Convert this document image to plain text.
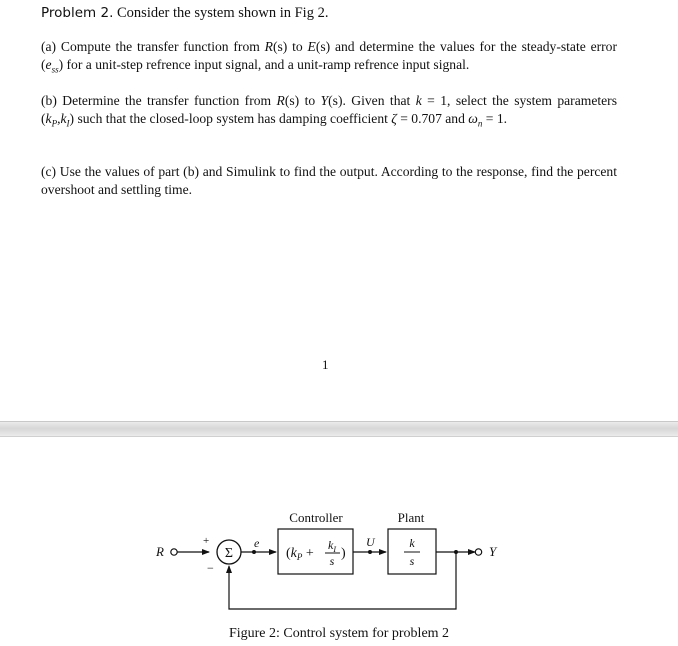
Problem 2. Consider the system shown in Fig 2.
(a) Compute the transfer function from R(s) to E(s) and determine the values for the steady-state error $(e_{ss})$ for a unit-step refrence input signal, and a unit-ramp refrence input signal.
(b) Determine the transfer function from R(s) to Y(s). Given that k = 1, select the system parameters $(k_P,k_I)$ such that the closed-loop system has damping coefficient ζ = 0.707 and $\omega_n = 1$.
(c) Use the values of part (b) and Simulink to find the output. According to the response, find the percent overshoot and settling time.
1
R
+
Σ
−
e
Controller
($k_P$ +
$k_I$
s )
U
Plant
k
s
Y
Figure 2: Control system for problem 2
